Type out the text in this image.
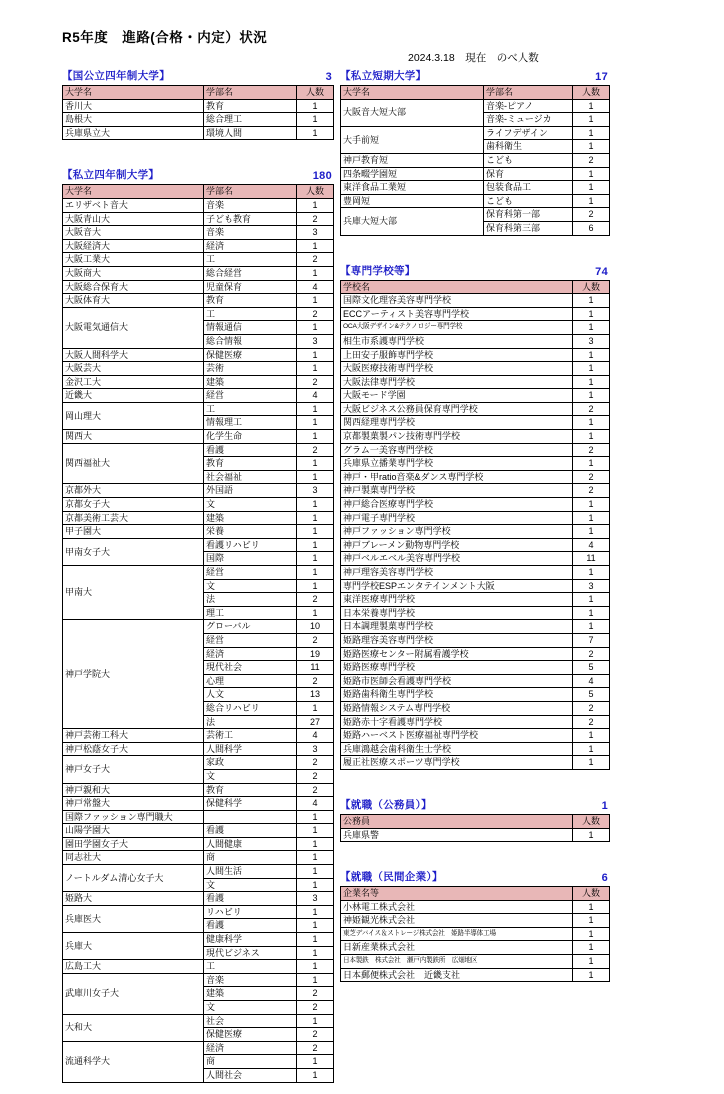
R5年度　進路(合格・内定）状況
2024.3.18　現在　のべ人数
【国公立四年制大学】	3
大学名	学部名	人数
香川大	教育	1
島根大	総合理工	1
兵庫県立大	環境人間	1
【私立四年制大学】	180
大学名	学部名	人数
エリザベト音大	音楽	1
大阪青山大	子ども教育	2
大阪音大	音楽	3
大阪経済大	経済	1
大阪工業大	工	2
大阪商大	総合経営	1
大阪総合保育大	児童保育	4
大阪体育大	教育	1
大阪電気通信大	工	2
	情報通信	1
	総合情報	3
大阪人間科学大	保健医療	1
大阪芸大	芸術	1
金沢工大	建築	2
近畿大	経営	4
岡山理大	工	1
	情報理工	1
関西大	化学生命	1
関西福祉大	看護	2
	教育	1
	社会福祉	1
京都外大	外国語	3
京都女子大	文	1
京都美術工芸大	建築	1
甲子園大	栄養	1
甲南女子大	看護リハビリ	1
	国際	1
甲南大	経営	1
	文	1
	法	2
	理工	1
神戸学院大	グローバル	10
	経営	2
	経済	19
	現代社会	11
	心理	2
	人文	13
	総合リハビリ	1
	法	27
神戸芸術工科大	芸術工	4
神戸松蔭女子大	人間科学	3
神戸女子大	家政	2
	文	2
神戸親和大	教育	2
神戸常盤大	保健科学	4
国際ファッション専門職大		1
山陽学園大	看護	1
園田学園女子大	人間健康	1
同志社大	商	1
ノートルダム清心女子大	人間生活	1
	文	1
姫路大	看護	3
兵庫医大	リハビリ	1
	看護	1
兵庫大	健康科学	1
	現代ビジネス	1
広島工大	工	1
武庫川女子大	音楽	1
	建築	2
	文	2
大和大	社会	1
	保健医療	2
流通科学大	経済	2
	商	1
	人間社会	1
【私立短期大学】	17
大学名	学部名	人数
大阪音大短大部	音楽-ピアノ	1
	音楽-ミュージカ	1
大手前短	ライフデザイン	1
	歯科衛生	1
神戸教育短	こども	2
四条畷学園短	保育	1
東洋食品工業短	包装食品工	1
豊岡短	こども	1
兵庫大短大部	保育科第一部	2
	保育科第三部	6
【専門学校等】	74
学校名	人数
国際文化理容美容専門学校	1
ECCアーティスト美容専門学校	1
OCA大阪デザイン&テクノロジー専門学校	1
相生市系護専門学校	3
上田安子服飾専門学校	1
大阪医療技術専門学校	1
大阪法律専門学校	1
大阪モード学園	1
大阪ビジネス公務員保育専門学校	2
関西経理専門学校	1
京都製菓製パン技術専門学校	1
グラム一美容専門学校	2
兵庫県立播業専門学校	1
神戸・甲ratio音楽&ダンス専門学校	2
神戸製菓専門学校	2
神戸総合医療専門学校	1
神戸電子専門学校	1
神戸ファッション専門学校	1
神戸ブレーメン動物専門学校	4
神戸ベルエベル美容専門学校	11
神戸理容美容専門学校	1
専門学校ESPエンタテインメント大阪	3
東洋医療専門学校	1
日本栄養専門学校	1
日本調理製菓専門学校	1
姫路理容美容専門学校	7
姫路医療センター附属看護学校	2
姫路医療専門学校	5
姫路市医師会看護専門学校	4
姫路歯科衛生専門学校	5
姫路情報システム専門学校	2
姫路赤十字看護専門学校	2
姫路ハーベスト医療福祉専門学校	1
兵庫鴻越会歯科衛生士学校	1
履正社医療スポーツ専門学校	1
【就職（公務員）】	1
公務員	人数
兵庫県警	1
【就職（民間企業）】	6
企業名等	人数
小林電工株式会社	1
神姫観光株式会社	1
東芝デバイス＆ストレージ株式会社　姫路半導体工場	1
日新産業株式会社	1
日本製鉄　株式会社　瀬戸内製鉄所　広畑地区	1
日本郵便株式会社　近畿支社	1
